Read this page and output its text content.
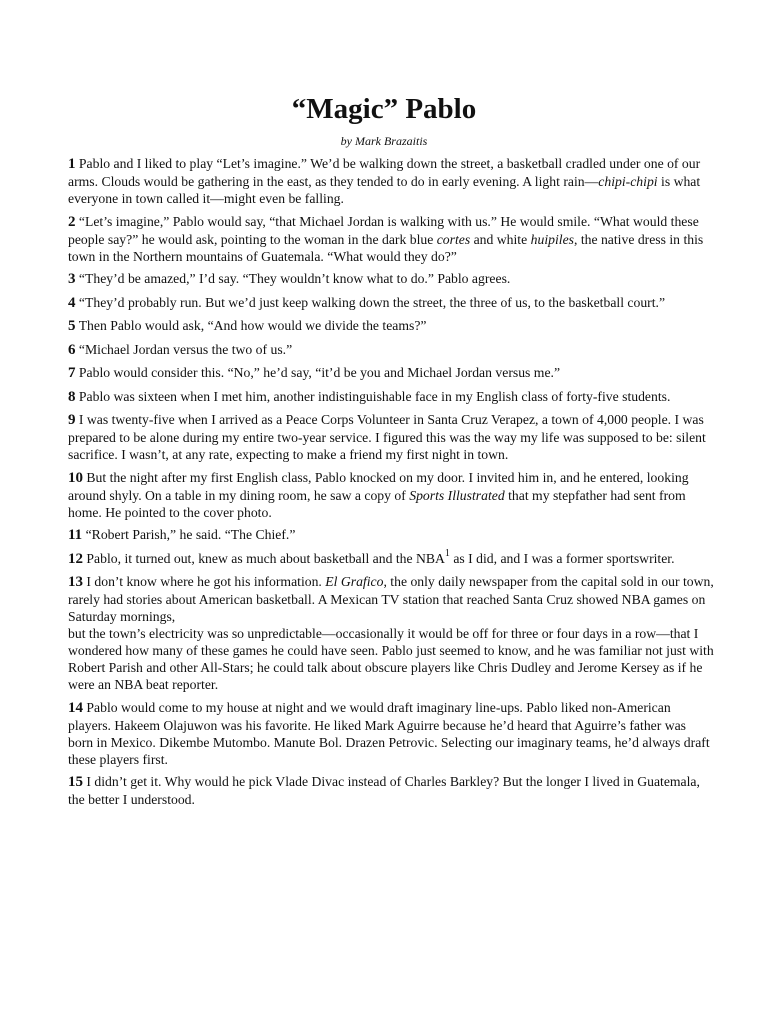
“Magic” Pablo

by Mark Brazaitis

1 Pablo and I liked to play “Let’s imagine.” We’d be walking down the street, a basketball cradled under one of our arms. Clouds would be gathering in the east, as they tended to do in early evening. A light rain—chipi-chipi is what everyone in town called it—might even be falling.

2 “Let’s imagine,” Pablo would say, “that Michael Jordan is walking with us.” He would smile. “What would these people say?” he would ask, pointing to the woman in the dark blue cortes and white huipiles, the native dress in this town in the Northern mountains of Guatemala. “What would they do?”

3 “They’d be amazed,” I’d say. “They wouldn’t know what to do.” Pablo agrees.

4 “They’d probably run. But we’d just keep walking down the street, the three of us, to the basketball court.”

5 Then Pablo would ask, “And how would we divide the teams?”

6 “Michael Jordan versus the two of us.”

7 Pablo would consider this. “No,” he’d say, “it’d be you and Michael Jordan versus me.”

8 Pablo was sixteen when I met him, another indistinguishable face in my English class of forty-five students.

9 I was twenty-five when I arrived as a Peace Corps Volunteer in Santa Cruz Verapez, a town of 4,000 people. I was prepared to be alone during my entire two-year service. I figured this was the way my life was supposed to be: silent sacrifice. I wasn’t, at any rate, expecting to make a friend my first night in town.

10 But the night after my first English class, Pablo knocked on my door. I invited him in, and he entered, looking around shyly. On a table in my dining room, he saw a copy of Sports Illustrated that my stepfather had sent from home. He pointed to the cover photo.

11 “Robert Parish,” he said. “The Chief.”

12 Pablo, it turned out, knew as much about basketball and the NBA$^1$ as I did, and I was a former sportswriter.

13 I don’t know where he got his information. El Grafico, the only daily newspaper from the capital sold in our town, rarely had stories about American basketball. A Mexican TV station that reached Santa Cruz showed NBA games on Saturday mornings,
but the town’s electricity was so unpredictable—occasionally it would be off for three or four days in a row—that I wondered how many of these games he could have seen. Pablo just seemed to know, and he was familiar not just with Robert Parish and other All-Stars; he could talk about obscure players like Chris Dudley and Jerome Kersey as if he were an NBA beat reporter.

14 Pablo would come to my house at night and we would draft imaginary line-ups. Pablo liked non-American players. Hakeem Olajuwon was his favorite. He liked Mark Aguirre because he’d heard that Aguirre’s father was born in Mexico. Dikembe Mutombo. Manute Bol. Drazen Petrovic. Selecting our imaginary teams, he’d always draft these players first.

15 I didn’t get it. Why would he pick Vlade Divac instead of Charles Barkley? But the longer I lived in Guatemala, the better I understood.
